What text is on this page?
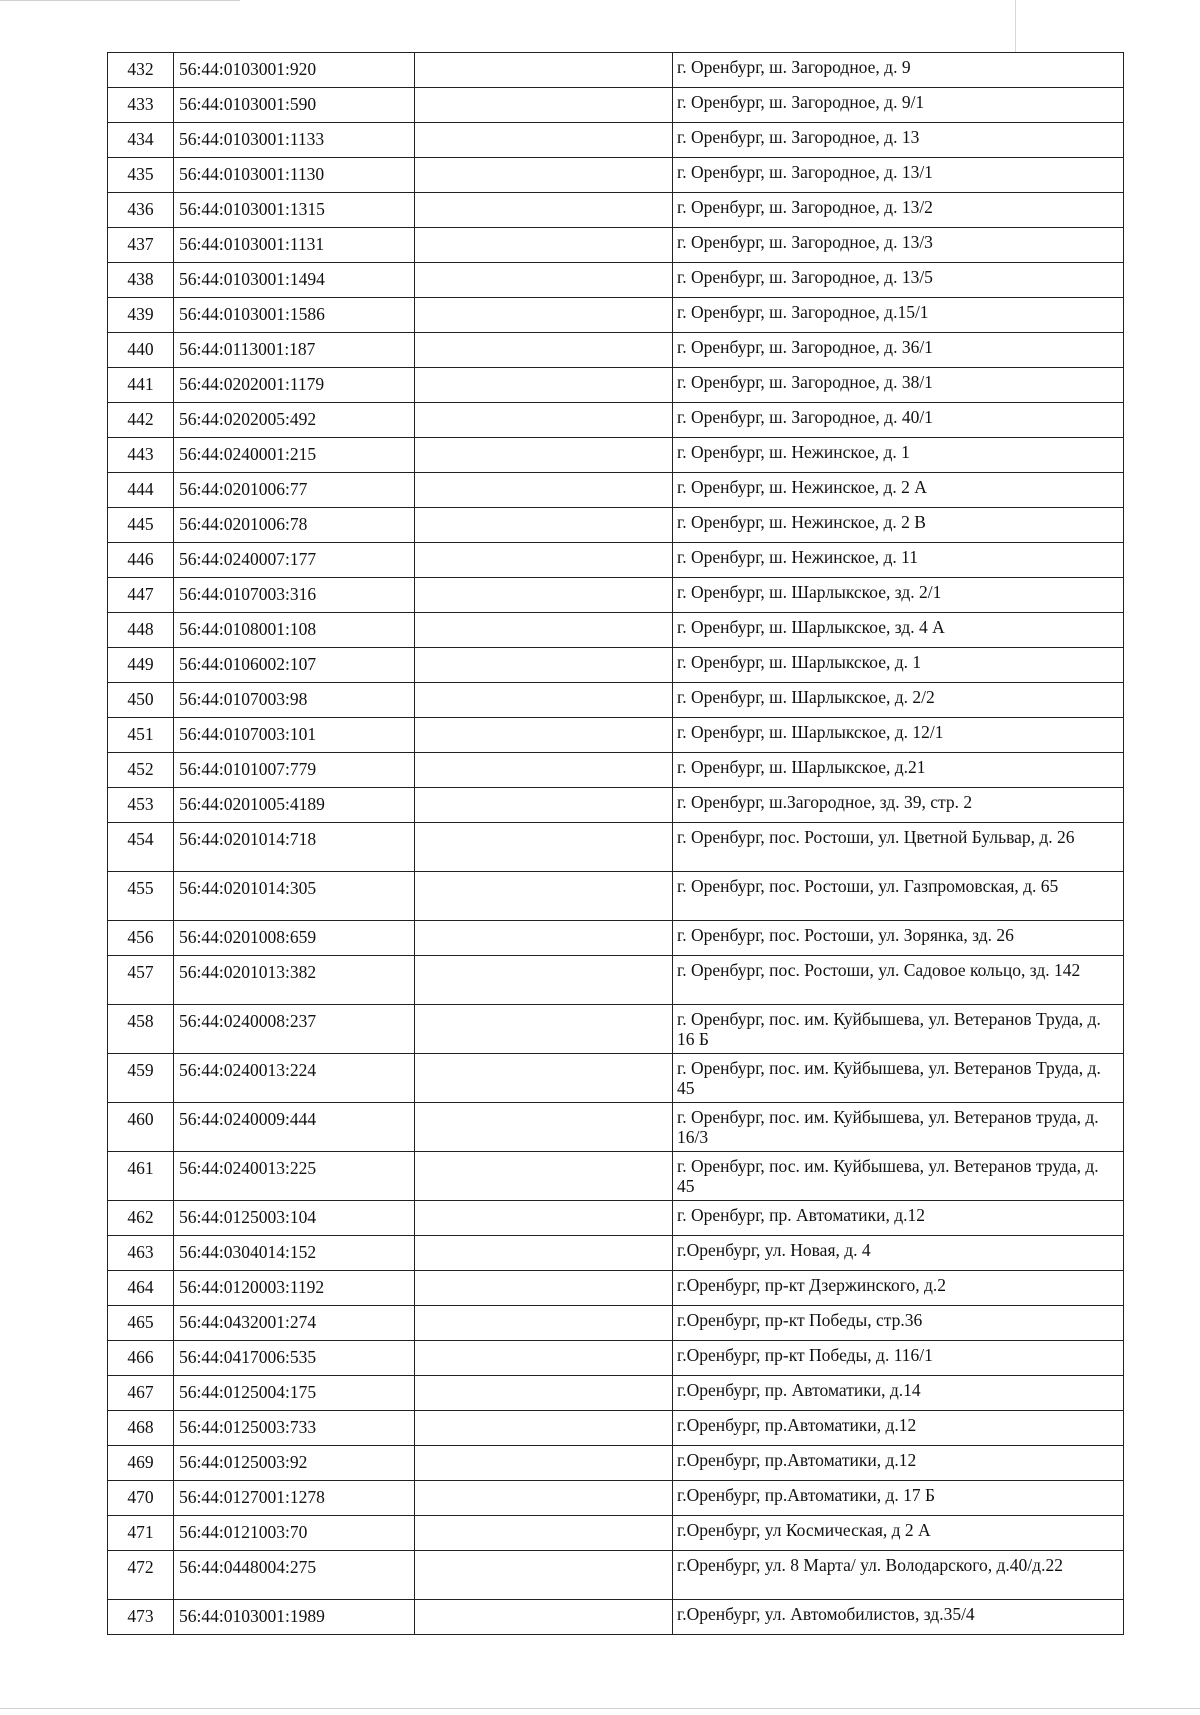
432	56:44:0103001:920		г. Оренбург, ш. Загородное, д. 9
433	56:44:0103001:590		г. Оренбург, ш. Загородное, д. 9/1
434	56:44:0103001:1133		г. Оренбург, ш. Загородное, д. 13
435	56:44:0103001:1130		г. Оренбург, ш. Загородное, д. 13/1
436	56:44:0103001:1315		г. Оренбург, ш. Загородное, д. 13/2
437	56:44:0103001:1131		г. Оренбург, ш. Загородное, д. 13/3
438	56:44:0103001:1494		г. Оренбург, ш. Загородное, д. 13/5
439	56:44:0103001:1586		г. Оренбург, ш. Загородное, д.15/1
440	56:44:0113001:187		г. Оренбург, ш. Загородное, д. 36/1
441	56:44:0202001:1179		г. Оренбург, ш. Загородное, д. 38/1
442	56:44:0202005:492		г. Оренбург, ш. Загородное, д. 40/1
443	56:44:0240001:215		г. Оренбург, ш. Нежинское, д. 1
444	56:44:0201006:77		г. Оренбург, ш. Нежинское, д. 2 А
445	56:44:0201006:78		г. Оренбург, ш. Нежинское, д. 2 В
446	56:44:0240007:177		г. Оренбург, ш. Нежинское, д. 11
447	56:44:0107003:316		г. Оренбург, ш. Шарлыкское, зд. 2/1
448	56:44:0108001:108		г. Оренбург, ш. Шарлыкское, зд. 4 А
449	56:44:0106002:107		г. Оренбург, ш. Шарлыкское, д. 1
450	56:44:0107003:98		г. Оренбург, ш. Шарлыкское, д. 2/2
451	56:44:0107003:101		г. Оренбург, ш. Шарлыкское, д. 12/1
452	56:44:0101007:779		г. Оренбург, ш. Шарлыкское, д.21
453	56:44:0201005:4189		г. Оренбург, ш.Загородное, зд. 39, стр. 2
454	56:44:0201014:718		г. Оренбург, пос. Ростоши, ул. Цветной Бульвар, д. 26
455	56:44:0201014:305		г. Оренбург, пос. Ростоши, ул. Газпромовская, д. 65
456	56:44:0201008:659		г. Оренбург, пос. Ростоши, ул. Зорянка, зд. 26
457	56:44:0201013:382		г. Оренбург, пос. Ростоши, ул. Садовое кольцо, зд. 142
458	56:44:0240008:237		г. Оренбург, пос. им. Куйбышева, ул. Ветеранов Труда, д. 16 Б
459	56:44:0240013:224		г. Оренбург, пос. им. Куйбышева, ул. Ветеранов Труда, д. 45
460	56:44:0240009:444		г. Оренбург, пос. им. Куйбышева, ул. Ветеранов труда, д. 16/3
461	56:44:0240013:225		г. Оренбург, пос. им. Куйбышева, ул. Ветеранов труда, д. 45
462	56:44:0125003:104		г. Оренбург, пр. Автоматики, д.12
463	56:44:0304014:152		г.Оренбург, ул. Новая, д. 4
464	56:44:0120003:1192		г.Оренбург, пр-кт Дзержинского, д.2
465	56:44:0432001:274		г.Оренбург, пр-кт Победы, стр.36
466	56:44:0417006:535		г.Оренбург, пр-кт Победы, д. 116/1
467	56:44:0125004:175		г.Оренбург, пр. Автоматики, д.14
468	56:44:0125003:733		г.Оренбург, пр.Автоматики, д.12
469	56:44:0125003:92		г.Оренбург, пр.Автоматики, д.12
470	56:44:0127001:1278		г.Оренбург, пр.Автоматики, д. 17 Б
471	56:44:0121003:70		г.Оренбург, ул Космическая, д 2 А
472	56:44:0448004:275		г.Оренбург, ул. 8 Марта/ ул. Володарского, д.40/д.22
473	56:44:0103001:1989		г.Оренбург, ул. Автомобилистов, зд.35/4
